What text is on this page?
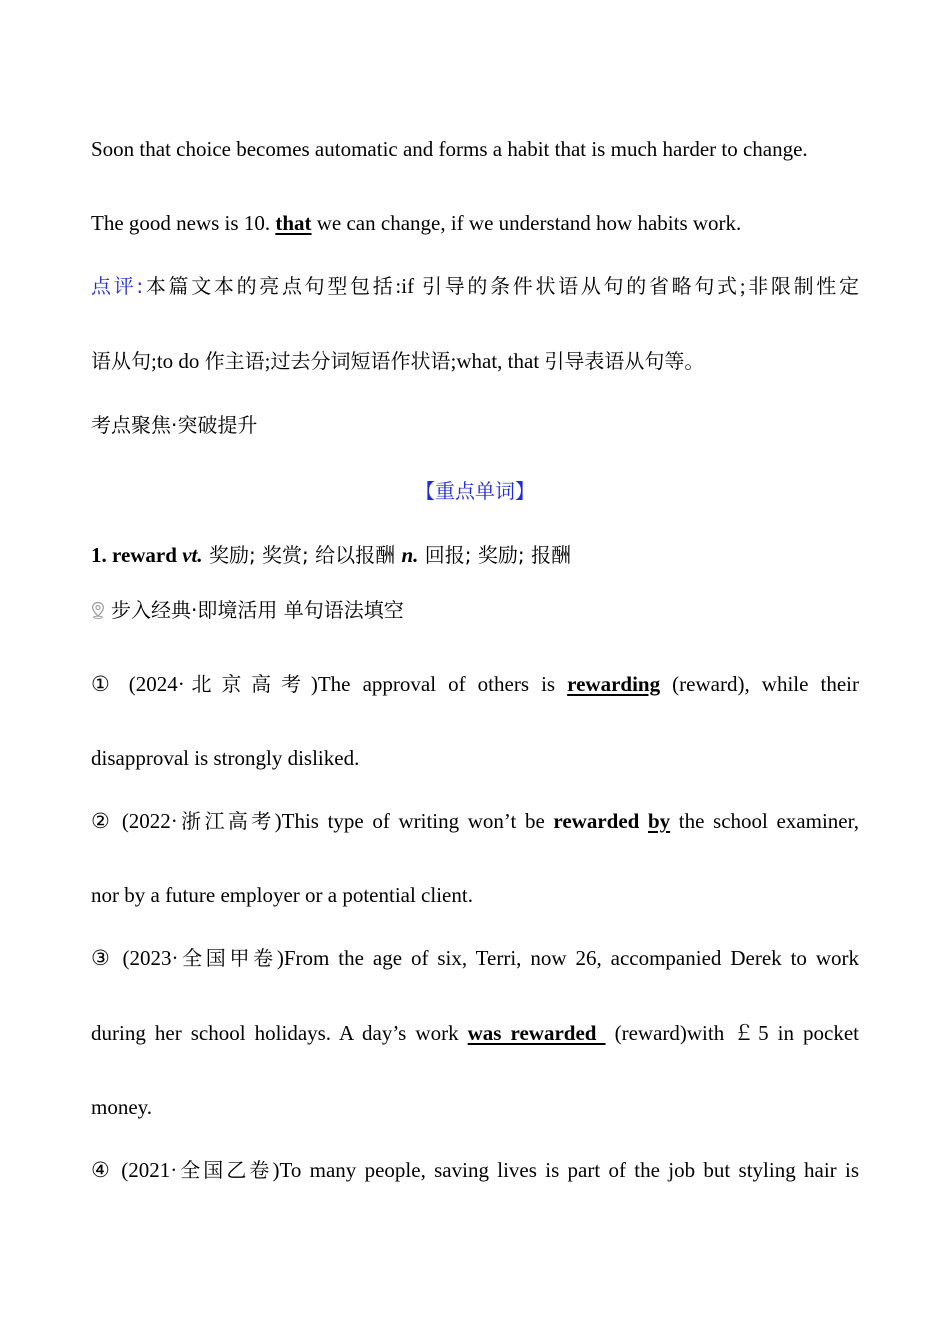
Soon that choice becomes automatic and forms a habit that is much harder to change.
The good news is 10. that we can change, if we understand how habits work.
点评:本篇文本的亮点句型包括:if 引导的条件状语从句的省略句式;非限制性定
语从句;to do 作主语;过去分词短语作状语;what, that 引导表语从句等。
考点聚焦·突破提升
【重点单词】
1. reward vt. 奖励; 奖赏; 给以报酬 n. 回报; 奖励; 报酬
步入经典·即境活用 单句语法填空
① (2024·北京高考)The approval of others is rewarding (reward), while their
disapproval is strongly disliked.
② (2022·浙江高考)This type of writing won’t be rewarded by the school examiner,
nor by a future employer or a potential client.
③ (2023·全国甲卷)From the age of six, Terri, now 26, accompanied Derek to work
during her school holidays. A day’s work was rewarded  (reward)with ￡5 in pocket
money.
④ (2021·全国乙卷)To many people, saving lives is part of the job but styling hair is
